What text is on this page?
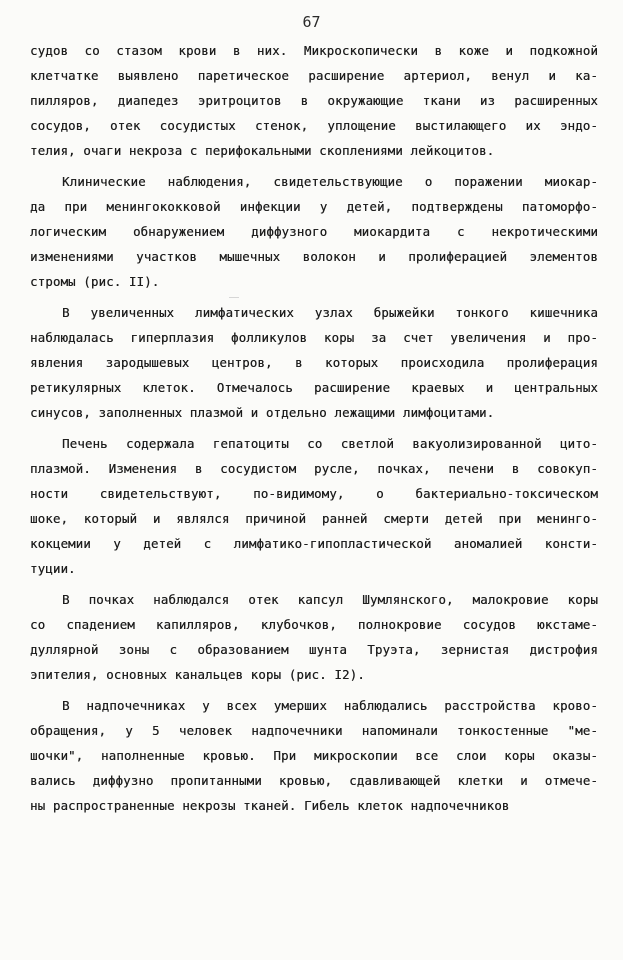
67
судов со стазом крови в них. Микроскопически в коже и подкожной
клетчатке выявлено паретическое расширение артериол, венул и ка-
пилляров, диапедез эритроцитов в окружающие ткани из расширенных
сосудов, отек сосудистых стенок, уплощение выстилающего их эндо-
телия, очаги некроза с перифокальными скоплениями лейкоцитов.
Клинические наблюдения, свидетельствующие о поражении миокар-
да при менингококковой инфекции у детей, подтверждены патоморфо-
логическим обнаружением диффузного миокардита с некротическими
изменениями участков мышечных волокон и пролиферацией элементов
стромы (рис. II).
В увеличенных лимфатических узлах брыжейки тонкого кишечника
наблюдалась гиперплазия фолликулов коры за счет увеличения и про-
явления зародышевых центров, в которых происходила пролиферация
ретикулярных клеток. Отмечалось расширение краевых и центральных
синусов, заполненных плазмой и отдельно лежащими лимфоцитами.
Печень содержала гепатоциты со светлой вакуолизированной цито-
плазмой. Изменения в сосудистом русле, почках, печени в совокуп-
ности свидетельствуют, по-видимому, о бактериально-токсическом
шоке, который и являлся причиной ранней смерти детей при менинго-
кокцемии у детей с лимфатико-гипопластической аномалией консти-
туции.
В почках наблюдался отек капсул Шумлянского, малокровие коры
со спадением капилляров, клубочков, полнокровие сосудов юкстаме-
дуллярной зоны с образованием шунта Труэта, зернистая дистрофия
эпителия, основных канальцев коры (рис. I2).
В надпочечниках у всех умерших наблюдались расстройства крово-
обращения, у 5 человек надпочечники напоминали тонкостенные "ме-
шочки", наполненные кровью. При микроскопии все слои коры оказы-
вались диффузно пропитанными кровью, сдавливающей клетки и отмече-
ны распространенные некрозы тканей. Гибель клеток надпочечников
